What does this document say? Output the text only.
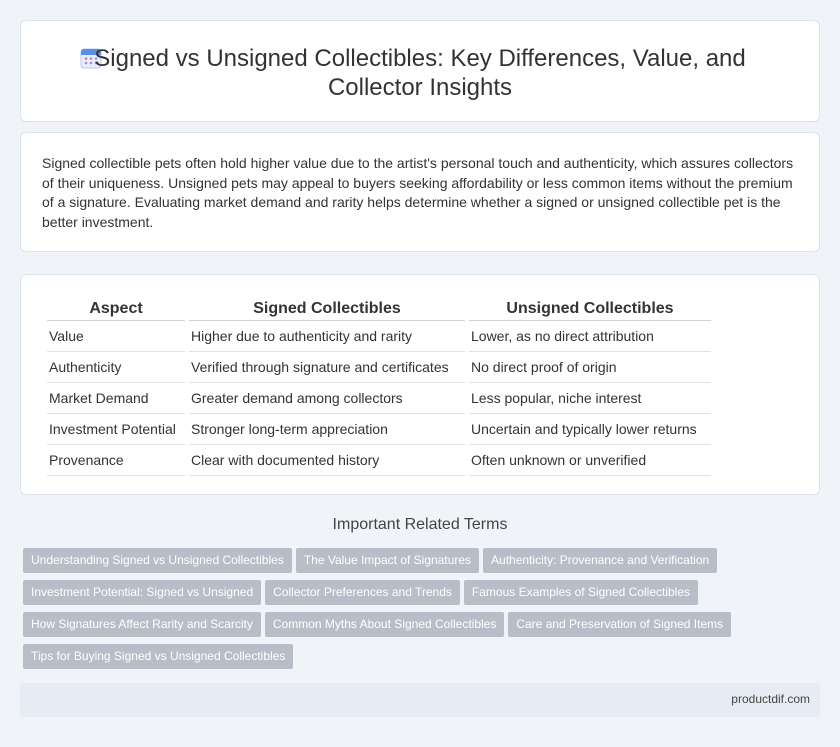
Signed vs Unsigned Collectibles: Key Differences, Value, and
Collector Insights

Signed collectible pets often hold higher value due to the artist's personal touch and authenticity, which assures collectors of their uniqueness. Unsigned pets may appeal to buyers seeking affordability or less common items without the premium of a signature. Evaluating market demand and rarity helps determine whether a signed or unsigned collectible pet is the better investment.

Aspect	Signed Collectibles	Unsigned Collectibles
Value	Higher due to authenticity and rarity	Lower, as no direct attribution
Authenticity	Verified through signature and certificates	No direct proof of origin
Market Demand	Greater demand among collectors	Less popular, niche interest
Investment Potential	Stronger long-term appreciation	Uncertain and typically lower returns
Provenance	Clear with documented history	Often unknown or unverified
Important Related Terms
Understanding Signed vs Unsigned Collectibles The Value Impact of Signatures Authenticity: Provenance and VerificationInvestment Potential: Signed vs Unsigned Collector Preferences and Trends Famous Examples of Signed CollectiblesHow Signatures Affect Rarity and Scarcity Common Myths About Signed Collectibles Care and Preservation of Signed ItemsTips for Buying Signed vs Unsigned Collectibles
productdif.com
